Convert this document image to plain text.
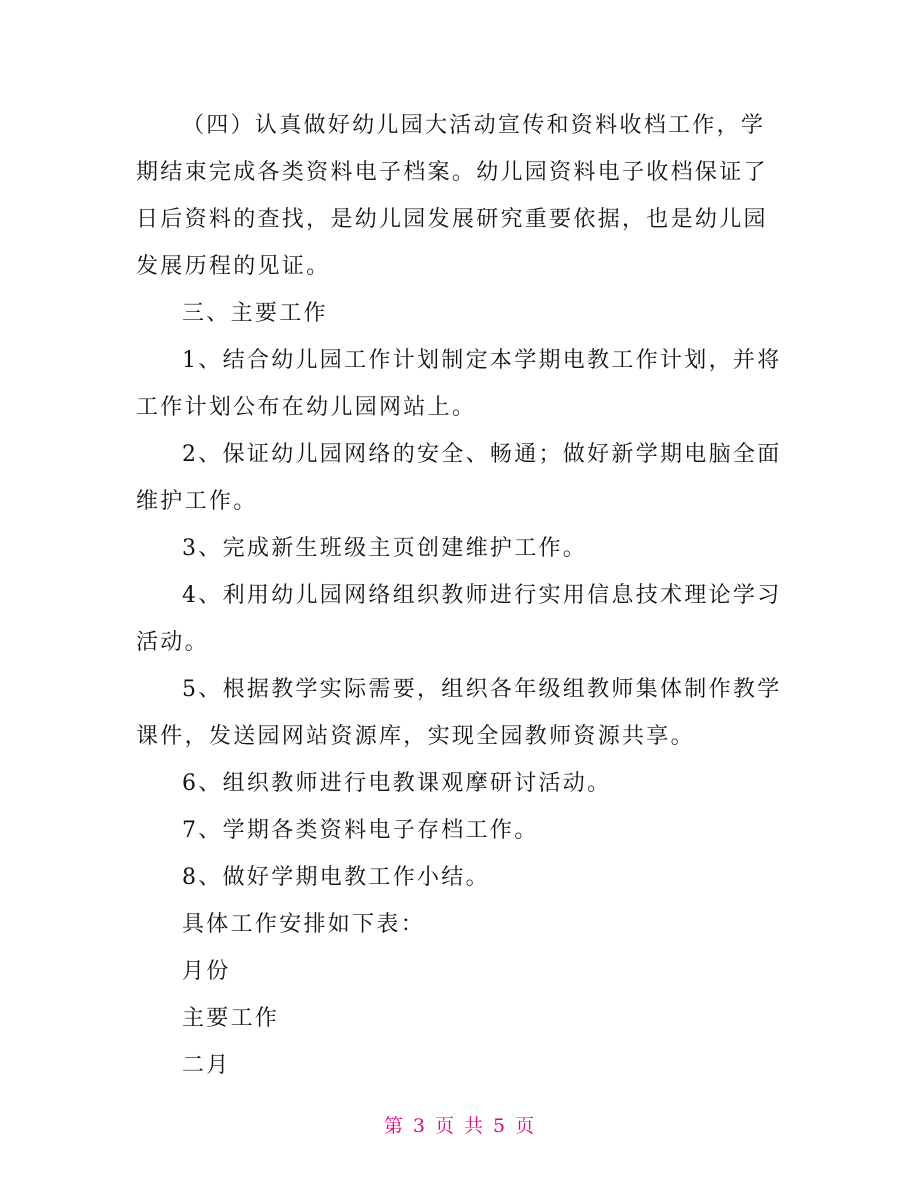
（四）认真做好幼儿园大活动宣传和资料收档工作，学期结束完成各类资料电子档案。幼儿园资料电子收档保证了日后资料的查找，是幼儿园发展研究重要依据，也是幼儿园发展历程的见证。

三、主要工作

1、结合幼儿园工作计划制定本学期电教工作计划，并将工作计划公布在幼儿园网站上。

2、保证幼儿园网络的安全、畅通；做好新学期电脑全面维护工作。

3、完成新生班级主页创建维护工作。

4、利用幼儿园网络组织教师进行实用信息技术理论学习活动。

5、根据教学实际需要，组织各年级组教师集体制作教学课件，发送园网站资源库，实现全园教师资源共享。

6、组织教师进行电教课观摩研讨活动。

7、学期各类资料电子存档工作。

8、做好学期电教工作小结。

具体工作安排如下表：

月份

主要工作

二月

第 3 页 共 5 页
